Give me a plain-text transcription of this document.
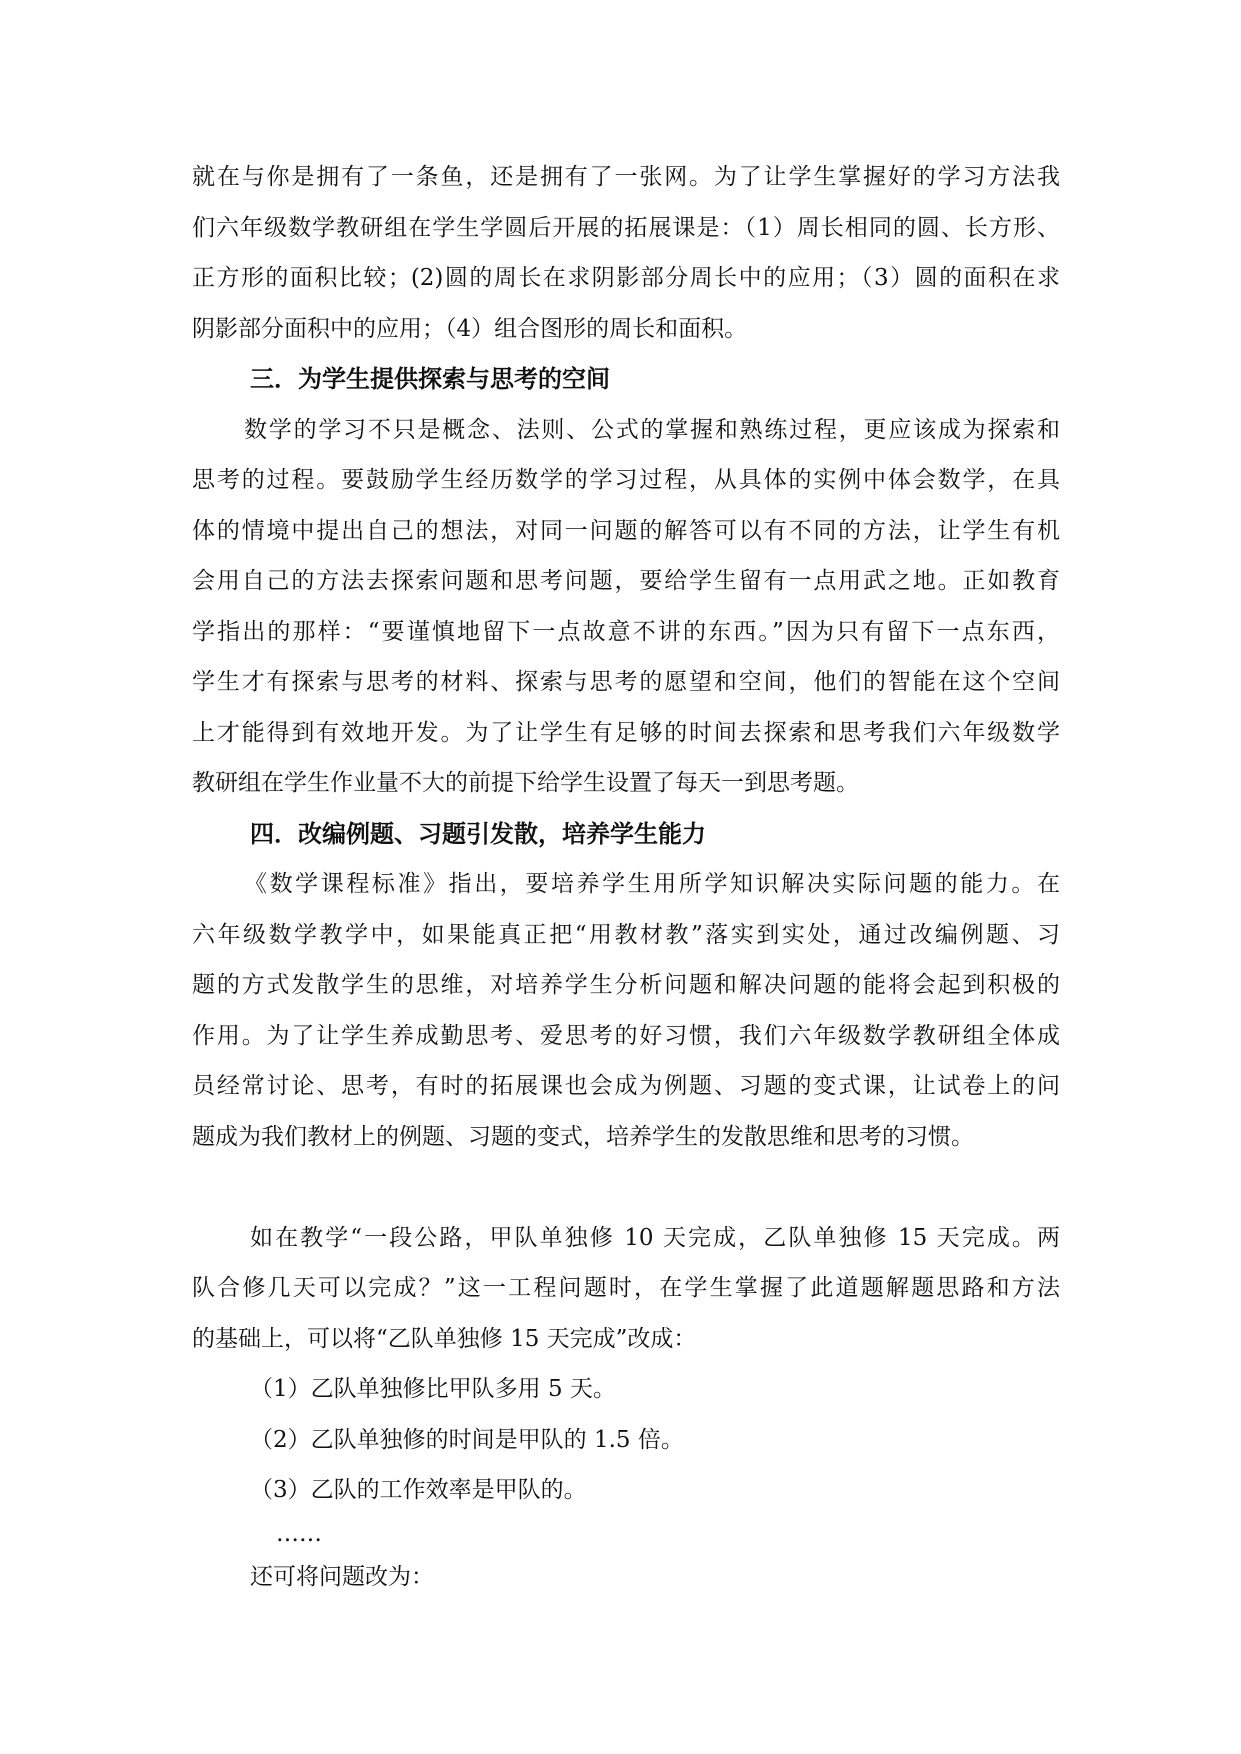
就在与你是拥有了一条鱼，还是拥有了一张网。为了让学生掌握好的学习方法我
们六年级数学教研组在学生学圆后开展的拓展课是：（1）周长相同的圆、长方形、
正方形的面积比较；(2)圆的周长在求阴影部分周长中的应用；（3）圆的面积在求
阴影部分面积中的应用；（4）组合图形的周长和面积。
三．为学生提供探索与思考的空间
数学的学习不只是概念、法则、公式的掌握和熟练过程，更应该成为探索和
思考的过程。要鼓励学生经历数学的学习过程，从具体的实例中体会数学，在具
体的情境中提出自己的想法，对同一问题的解答可以有不同的方法，让学生有机
会用自己的方法去探索问题和思考问题，要给学生留有一点用武之地。正如教育
学指出的那样：“要谨慎地留下一点故意不讲的东西。”因为只有留下一点东西，
学生才有探索与思考的材料、探索与思考的愿望和空间，他们的智能在这个空间
上才能得到有效地开发。为了让学生有足够的时间去探索和思考我们六年级数学
教研组在学生作业量不大的前提下给学生设置了每天一到思考题。
四．改编例题、习题引发散，培养学生能力
《数学课程标准》指出，要培养学生用所学知识解决实际问题的能力。在
六年级数学教学中，如果能真正把“用教材教”落实到实处，通过改编例题、习
题的方式发散学生的思维，对培养学生分析问题和解决问题的能将会起到积极的
作用。为了让学生养成勤思考、爱思考的好习惯，我们六年级数学教研组全体成
员经常讨论、思考，有时的拓展课也会成为例题、习题的变式课，让试卷上的问
题成为我们教材上的例题、习题的变式，培养学生的发散思维和思考的习惯。
如在教学“一段公路，甲队单独修 10 天完成，乙队单独修 15 天完成。两
队合修几天可以完成？”这一工程问题时，在学生掌握了此道题解题思路和方法
的基础上，可以将“乙队单独修 15 天完成”改成：
（1）乙队单独修比甲队多用 5 天。
（2）乙队单独修的时间是甲队的 1.5 倍。
（3）乙队的工作效率是甲队的。
……
还可将问题改为：
